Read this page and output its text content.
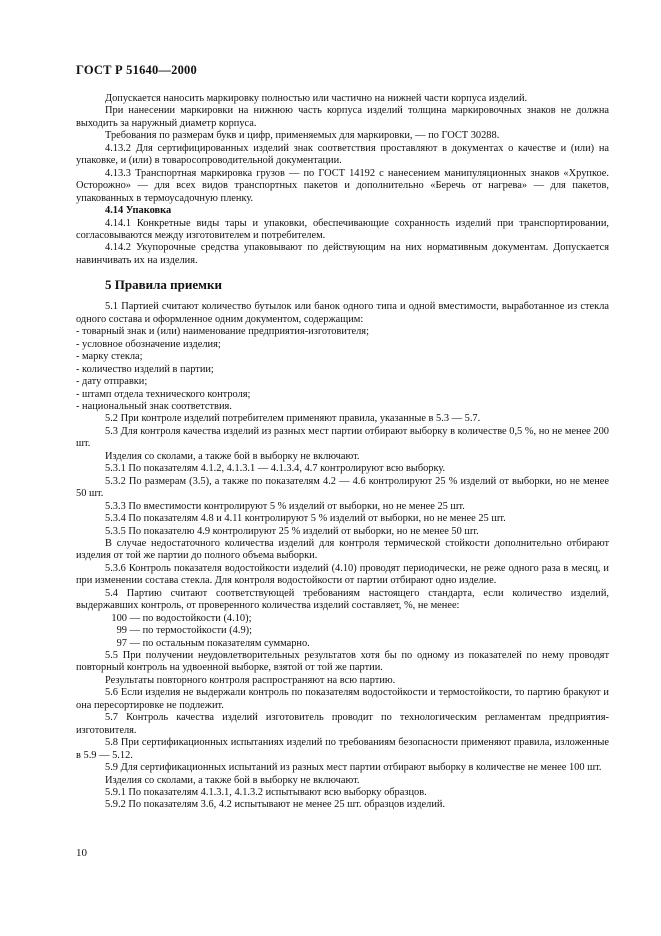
ГОСТ Р 51640—2000

Допускается наносить маркировку полностью или частично на нижней части корпуса изделий.

При нанесении маркировки на нижнюю часть корпуса изделий толщина маркировочных знаков не должна выходить за наружный диаметр корпуса.

Требования по размерам букв и цифр, применяемых для маркировки, — по ГОСТ 30288.

4.13.2 Для сертифицированных изделий знак соответствия проставляют в документах о качестве и (или) на упаковке, и (или) в товаросопроводительной документации.

4.13.3 Транспортная маркировка грузов — по ГОСТ 14192 с нанесением манипуляционных знаков «Хрупкое. Осторожно» — для всех видов транспортных пакетов и дополнительно «Беречь от нагрева» — для пакетов, упакованных в термоусадочную пленку.

4.14 Упаковка

4.14.1 Конкретные виды тары и упаковки, обеспечивающие сохранность изделий при транспортировании, согласовываются между изготовителем и потребителем.

4.14.2 Укупорочные средства упаковывают по действующим на них нормативным документам. Допускается навинчивать их на изделия.

5 Правила приемки

5.1 Партией считают количество бутылок или банок одного типа и одной вместимости, выработанное из стекла одного состава и оформленное одним документом, содержащим:

- товарный знак и (или) наименование предприятия-изготовителя;

- условное обозначение изделия;

- марку стекла;

- количество изделий в партии;

- дату отправки;

- штамп отдела технического контроля;

- национальный знак соответствия.

5.2 При контроле изделий потребителем применяют правила, указанные в 5.3 — 5.7.

5.3 Для контроля качества изделий из разных мест партии отбирают выборку в количестве 0,5 %, но не менее 200 шт.

Изделия со сколами, а также бой в выборку не включают.

5.3.1 По показателям 4.1.2, 4.1.3.1 — 4.1.3.4, 4.7 контролируют всю выборку.

5.3.2 По размерам (3.5), а также по показателям 4.2 — 4.6 контролируют 25 % изделий от выборки, но не менее 50 шт.

5.3.3 По вместимости контролируют 5 % изделий от выборки, но не менее 25 шт.

5.3.4 По показателям 4.8 и 4.11 контролируют 5 % изделий от выборки, но не менее 25 шт.

5.3.5 По показателю 4.9 контролируют 25 % изделий от выборки, но не менее 50 шт.

В случае недостаточного количества изделий для контроля термической стойкости дополнительно отбирают изделия от той же партии до полного объема выборки.

5.3.6 Контроль показателя водостойкости изделий (4.10) проводят периодически, не реже одного раза в месяц, и при изменении состава стекла. Для контроля водостойкости от партии отбирают одно изделие.

5.4 Партию считают соответствующей требованиям настоящего стандарта, если количество изделий, выдержавших контроль, от проверенного количества изделий составляет, %, не менее:

100 — по водостойкости (4.10);

99 — по термостойкости (4.9);

97 — по остальным показателям суммарно.

5.5 При получении неудовлетворительных результатов хотя бы по одному из показателей по нему проводят повторный контроль на удвоенной выборке, взятой от той же партии.

Результаты повторного контроля распространяют на всю партию.

5.6 Если изделия не выдержали контроль по показателям водостойкости и термостойкости, то партию бракуют и она пересортировке не подлежит.

5.7 Контроль качества изделий изготовитель проводит по технологическим регламентам предприятия-изготовителя.

5.8 При сертификационных испытаниях изделий по требованиям безопасности применяют правила, изложенные в 5.9 — 5.12.

5.9 Для сертификационных испытаний из разных мест партии отбирают выборку в количестве не менее 100 шт.

Изделия со сколами, а также бой в выборку не включают.

5.9.1 По показателям 4.1.3.1, 4.1.3.2 испытывают всю выборку образцов.

5.9.2 По показателям 3.6, 4.2 испытывают не менее 25 шт. образцов изделий.

10
